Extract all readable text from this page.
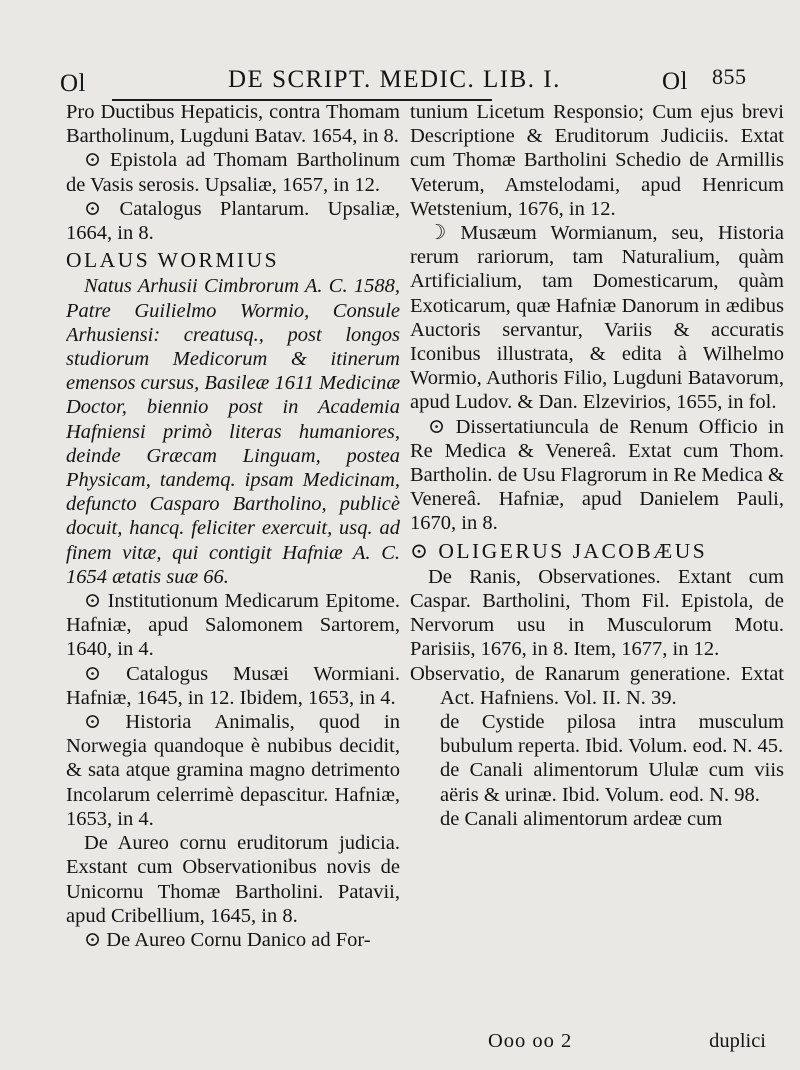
Ol	DE SCRIPT. MEDIC. LIB. I.	Ol 855

Pro Ductibus Hepaticis, contra Thomam Bartholinum, Lugduni Batav. 1654, in 8.

⊙ Epistola ad Thomam Bartholinum de Vasis serosis. Upsaliæ, 1657, in 12.

⊙ Catalogus Plantarum. Upsaliæ, 1664, in 8.

OLAUS WORMIUS

Natus Arhusii Cimbrorum A. C. 1588, Patre Guilielmo Wormio, Consule Arhusiensi: creatusq., post longos studiorum Medicorum & itinerum emensos cursus, Basileæ 1611 Medicinæ Doctor, biennio post in Academia Hafniensi primò literas humaniores, deinde Græcam Linguam, postea Physicam, tandemq. ipsam Medicinam, defuncto Casparo Bartholino, publicè docuit, hancq. feliciter exercuit, usq. ad finem vitæ, qui contigit Hafniæ A. C. 1654 ætatis suæ 66.

⊙ Institutionum Medicarum Epitome. Hafniæ, apud Salomonem Sartorem, 1640, in 4.

⊙ Catalogus Musæi Wormiani. Hafniæ, 1645, in 12. Ibidem, 1653, in 4.

⊙ Historia Animalis, quod in Norwegia quandoque è nubibus decidit, & sata atque gramina magno detrimento Incolarum celerrimè depascitur. Hafniæ, 1653, in 4.

De Aureo cornu eruditorum judicia. Exstant cum Observationibus novis de Unicornu Thomæ Bartholini. Patavii, apud Cribellium, 1645, in 8.

⊙ De Aureo Cornu Danico ad For-

tunium Licetum Responsio; Cum ejus brevi Descriptione & Eruditorum Judiciis. Extat cum Thomæ Bartholini Schedio de Armillis Veterum, Amstelodami, apud Henricum Wetstenium, 1676, in 12.

☽ Musæum Wormianum, seu, Historia rerum rariorum, tam Naturalium, quàm Artificialium, tam Domesticarum, quàm Exoticarum, quæ Hafniæ Danorum in ædibus Auctoris servantur, Variis & accuratis Iconibus illustrata, & edita à Wilhelmo Wormio, Authoris Filio, Lugduni Batavorum, apud Ludov. & Dan. Elzevirios, 1655, in fol.

⊙ Dissertatiuncula de Renum Officio in Re Medica & Venereâ. Extat cum Thom. Bartholin. de Usu Flagrorum in Re Medica & Venereâ. Hafniæ, apud Danielem Pauli, 1670, in 8.

⊙ OLIGERUS JACOBÆUS

De Ranis, Observationes. Extant cum Caspar. Bartholini, Thom Fil. Epistola, de Nervorum usu in Musculorum Motu. Parisiis, 1676, in 8. Item, 1677, in 12.

Observatio, de Ranarum generatione. Extat Act. Hafniens. Vol. II. N. 39.

de Cystide pilosa intra musculum bubulum reperta. Ibid. Volum. eod. N. 45.

de Canali alimentorum Ululæ cum viis aëris & urinæ. Ibid. Volum. eod. N. 98.

de Canali alimentorum ardeæ cum

Ooo oo 2	duplici
